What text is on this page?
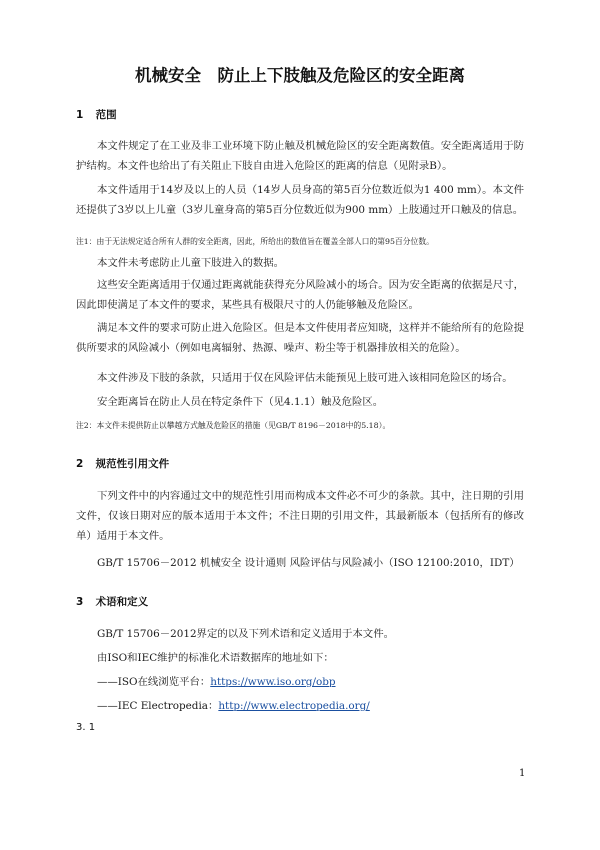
机械安全　防止上下肢触及危险区的安全距离
1 范围
本文件规定了在工业及非工业环境下防止触及机械危险区的安全距离数值。安全距离适用于防护结构。本文件也给出了有关阻止下肢自由进入危险区的距离的信息（见附录B）。
本文件适用于14岁及以上的人员（14岁人员身高的第5百分位数近似为1 400 mm）。本文件还提供了3岁以上儿童（3岁儿童身高的第5百分位数近似为900 mm）上肢通过开口触及的信息。
注1：由于无法规定适合所有人群的安全距离，因此，所给出的数值旨在覆盖全部人口的第95百分位数。
本文件未考虑防止儿童下肢进入的数据。
这些安全距离适用于仅通过距离就能获得充分风险减小的场合。因为安全距离的依据是尺寸，因此即使满足了本文件的要求，某些具有极限尺寸的人仍能够触及危险区。
满足本文件的要求可防止进入危险区。但是本文件使用者应知晓，这样并不能给所有的危险提供所要求的风险减小（例如电离辐射、热源、噪声、粉尘等于机器排放相关的危险）。
本文件涉及下肢的条款，只适用于仅在风险评估未能预见上肢可进入该相同危险区的场合。
安全距离旨在防止人员在特定条件下（见4.1.1）触及危险区。
注2：本文件未提供防止以攀越方式触及危险区的措施（见GB/T 8196－2018中的5.18）。
2 规范性引用文件
下列文件中的内容通过文中的规范性引用而构成本文件必不可少的条款。其中，注日期的引用文件，仅该日期对应的版本适用于本文件；不注日期的引用文件，其最新版本（包括所有的修改单）适用于本文件。
GB/T 15706－2012 机械安全 设计通则 风险评估与风险减小（ISO 12100:2010，IDT）
3 术语和定义
GB/T 15706－2012界定的以及下列术语和定义适用于本文件。
由ISO和IEC维护的标准化术语数据库的地址如下：
——ISO在线浏览平台：https://www.iso.org/obp
——IEC Electropedia：http://www.electropedia.org/
3. 1
1
